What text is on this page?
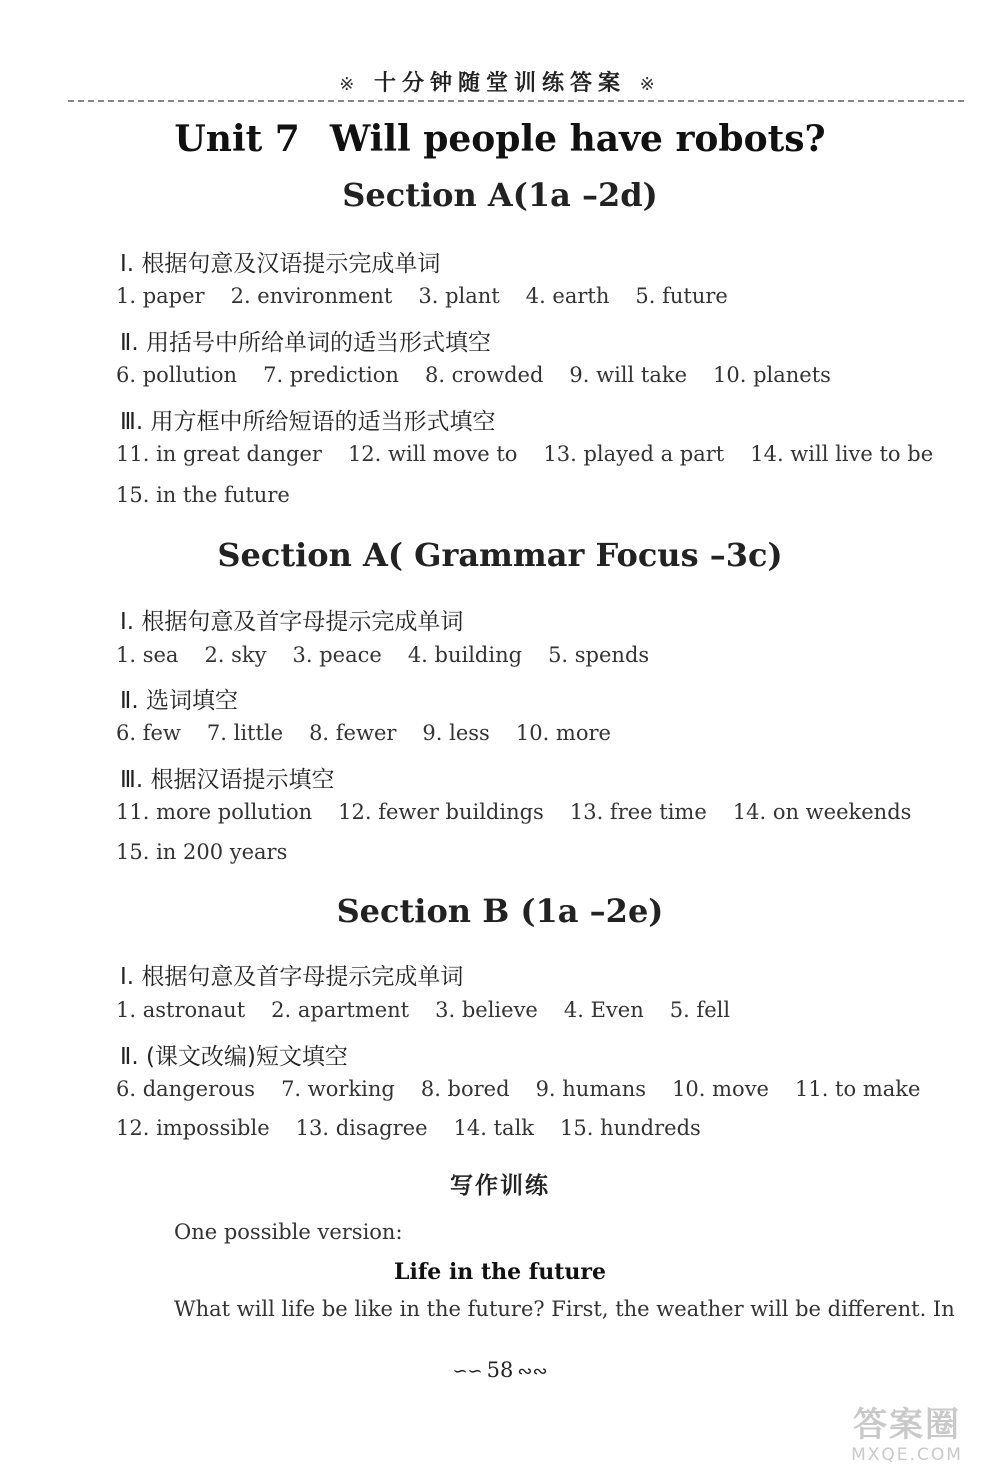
※ 十分钟随堂训练答案 ※
Unit 7 Will people have robots?
Section A(1a –2d)
Ⅰ. 根据句意及汉语提示完成单词
1. paper 2. environment 3. plant 4. earth 5. future
Ⅱ. 用括号中所给单词的适当形式填空
6. pollution 7. prediction 8. crowded 9. will take 10. planets
Ⅲ. 用方框中所给短语的适当形式填空
11. in great danger 12. will move to 13. played a part 14. will live to be
15. in the future
Section A( Grammar Focus –3c)
Ⅰ. 根据句意及首字母提示完成单词
1. sea 2. sky 3. peace 4. building 5. spends
Ⅱ. 选词填空
6. few 7. little 8. fewer 9. less 10. more
Ⅲ. 根据汉语提示填空
11. more pollution 12. fewer buildings 13. free time 14. on weekends
15. in 200 years
Section B (1a –2e)
Ⅰ. 根据句意及首字母提示完成单词
1. astronaut 2. apartment 3. believe 4. Even 5. fell
Ⅱ. (课文改编)短文填空
6. dangerous 7. working 8. bored 9. humans 10. move 11. to make
12. impossible 13. disagree 14. talk 15. hundreds
写作训练
One possible version:
Life in the future
What will life be like in the future? First, the weather will be different. In
∽∽ 58 ∾∾
答案圈
MXQE.COM
